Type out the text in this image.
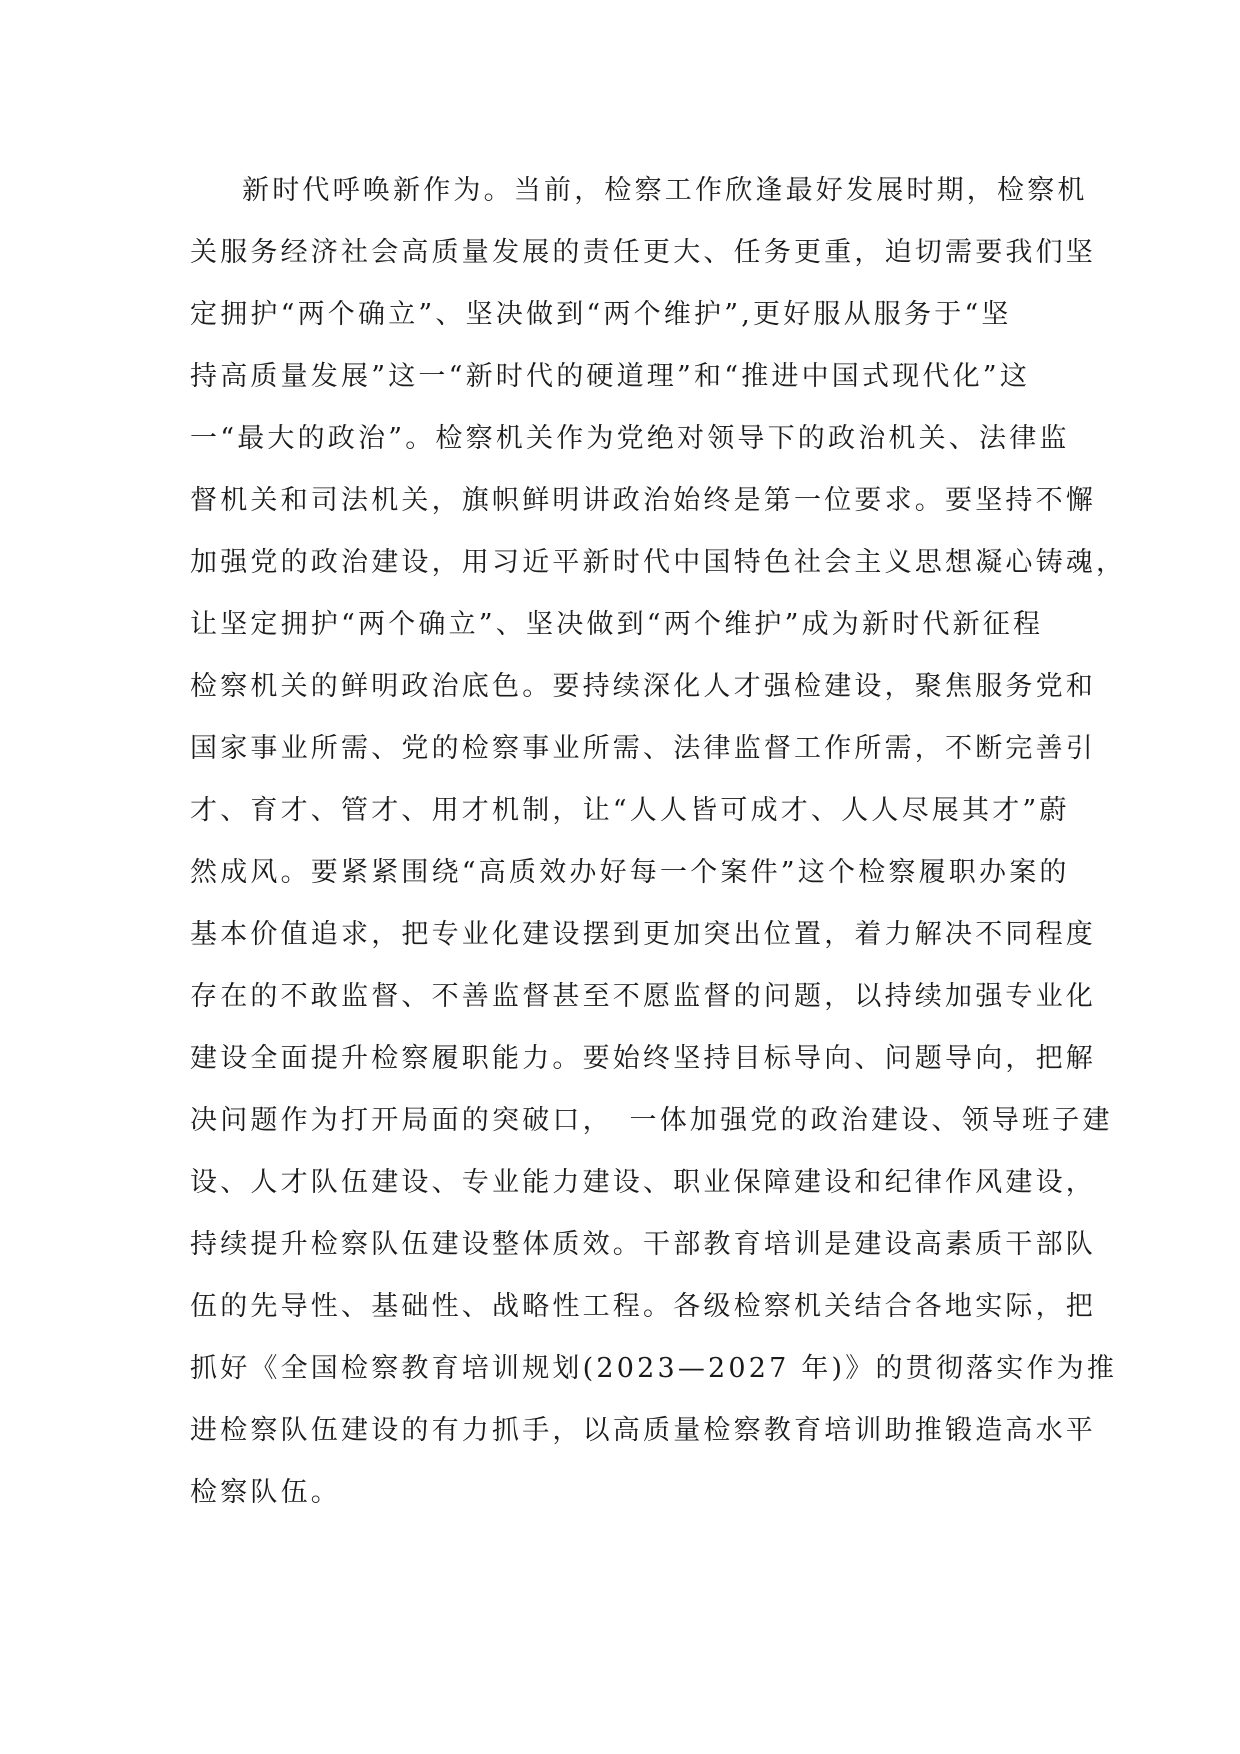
新时代呼唤新作为。当前，检察工作欣逢最好发展时期，检察机
关服务经济社会高质量发展的责任更大、任务更重，迫切需要我们坚
定拥护“两个确立”、坚决做到“两个维护”,更好服从服务于“坚
持高质量发展”这一“新时代的硬道理”和“推进中国式现代化”这
一“最大的政治”。检察机关作为党绝对领导下的政治机关、法律监
督机关和司法机关，旗帜鲜明讲政治始终是第一位要求。要坚持不懈
加强党的政治建设，用习近平新时代中国特色社会主义思想凝心铸魂，
让坚定拥护“两个确立”、坚决做到“两个维护”成为新时代新征程
检察机关的鲜明政治底色。要持续深化人才强检建设，聚焦服务党和
国家事业所需、党的检察事业所需、法律监督工作所需，不断完善引
才、育才、管才、用才机制，让“人人皆可成才、人人尽展其才”蔚
然成风。要紧紧围绕“高质效办好每一个案件”这个检察履职办案的
基本价值追求，把专业化建设摆到更加突出位置，着力解决不同程度
存在的不敢监督、不善监督甚至不愿监督的问题，以持续加强专业化
建设全面提升检察履职能力。要始终坚持目标导向、问题导向，把解
决问题作为打开局面的突破口，　一体加强党的政治建设、领导班子建
设、人才队伍建设、专业能力建设、职业保障建设和纪律作风建设，
持续提升检察队伍建设整体质效。干部教育培训是建设高素质干部队
伍的先导性、基础性、战略性工程。各级检察机关结合各地实际，把
抓好《全国检察教育培训规划(2023—2027 年)》的贯彻落实作为推
进检察队伍建设的有力抓手，以高质量检察教育培训助推锻造高水平
检察队伍。
